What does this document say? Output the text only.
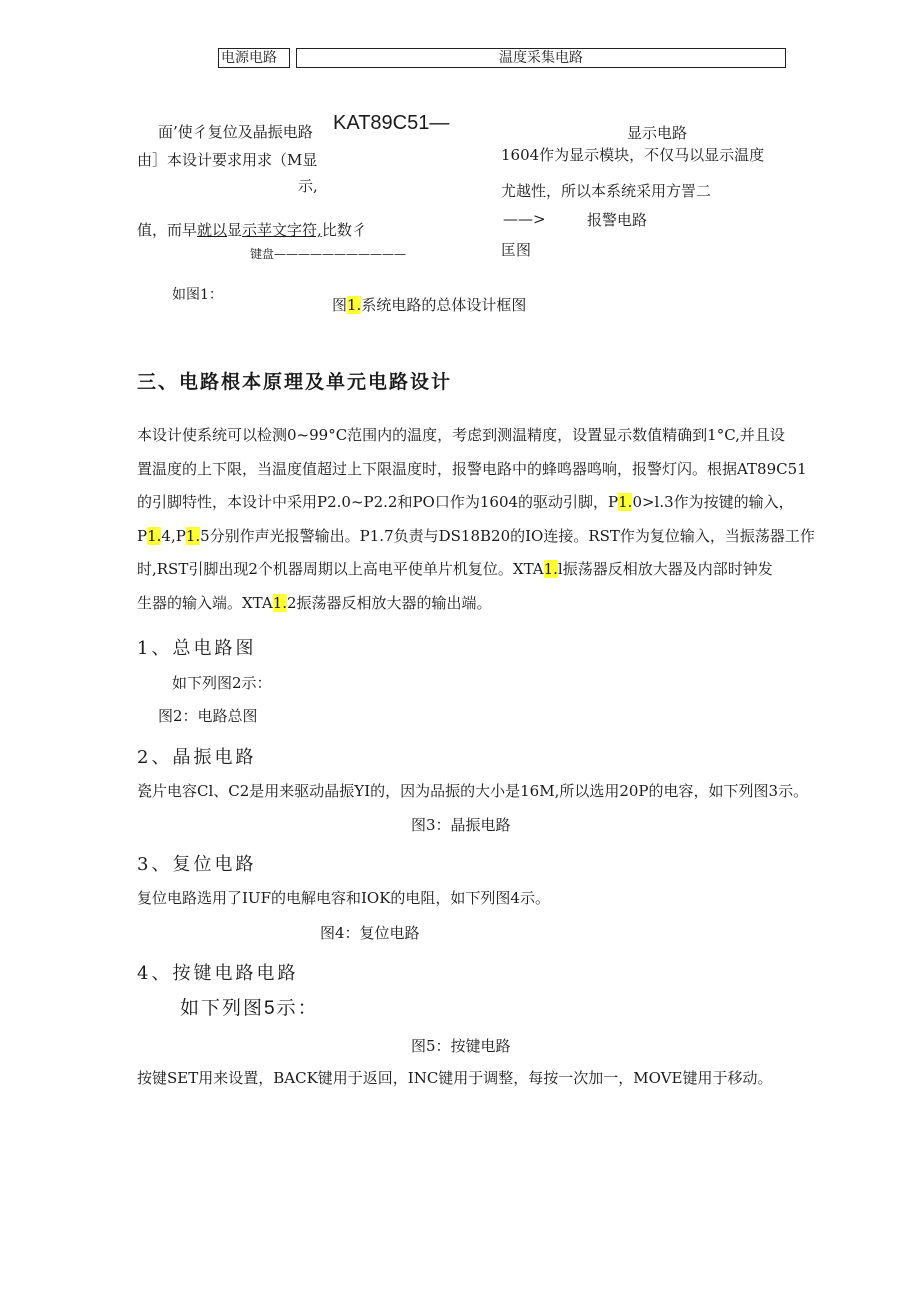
电源电路	温度采集电路
面’使彳复位及晶振电路 KAT89C51—	显示电路
由］本设计要求用求（M显	1604作为显示模块，不仅马以显示温度
示,	尤越性，所以本系统采用方詈二
值，而早就以显示苹文字符,比数彳
——>	报警电路
键盘———————————	匡图
如图1：
图1.系统电路的总体设计框图
三、电路根本原理及单元电路设计
本设计使系统可以检测0~99°C范围内的温度，考虑到测温精度，设置显示数值精确到1°C,并且设
置温度的上下限，当温度值超过上下限温度时，报警电路中的蜂鸣器鸣响，报警灯闪。根据AT89C51
的引脚特性，本设计中采用P2.0~P2.2和PO口作为1604的驱动引脚，P1.0>l.3作为按键的输入，
P1.4,P1.5分别作声光报警输出。P1.7负责与DS18B20的IO连接。RST作为复位输入，当振荡器工作
时,RST引脚出现2个机器周期以上高电平使单片机复位。XTA1.l振荡器反相放大器及内部时钟发
生器的输入端。XTA1.2振荡器反相放大器的输出端。
1、总电路图
如下列图2示：
图2：电路总图
2、晶振电路
瓷片电容Cl、C2是用来驱动晶振YI的，因为品振的大小是16M,所以选用20P的电容，如下列图3示。
图3：晶振电路
3、复位电路
复位电路选用了IUF的电解电容和IOK的电阻，如下列图4示。
图4：复位电路
4、按键电路电路
如下列图5示：
图5：按键电路
按键SET用来设置，BACK键用于返回，INC键用于调整，每按一次加一，MOVE键用于移动。
